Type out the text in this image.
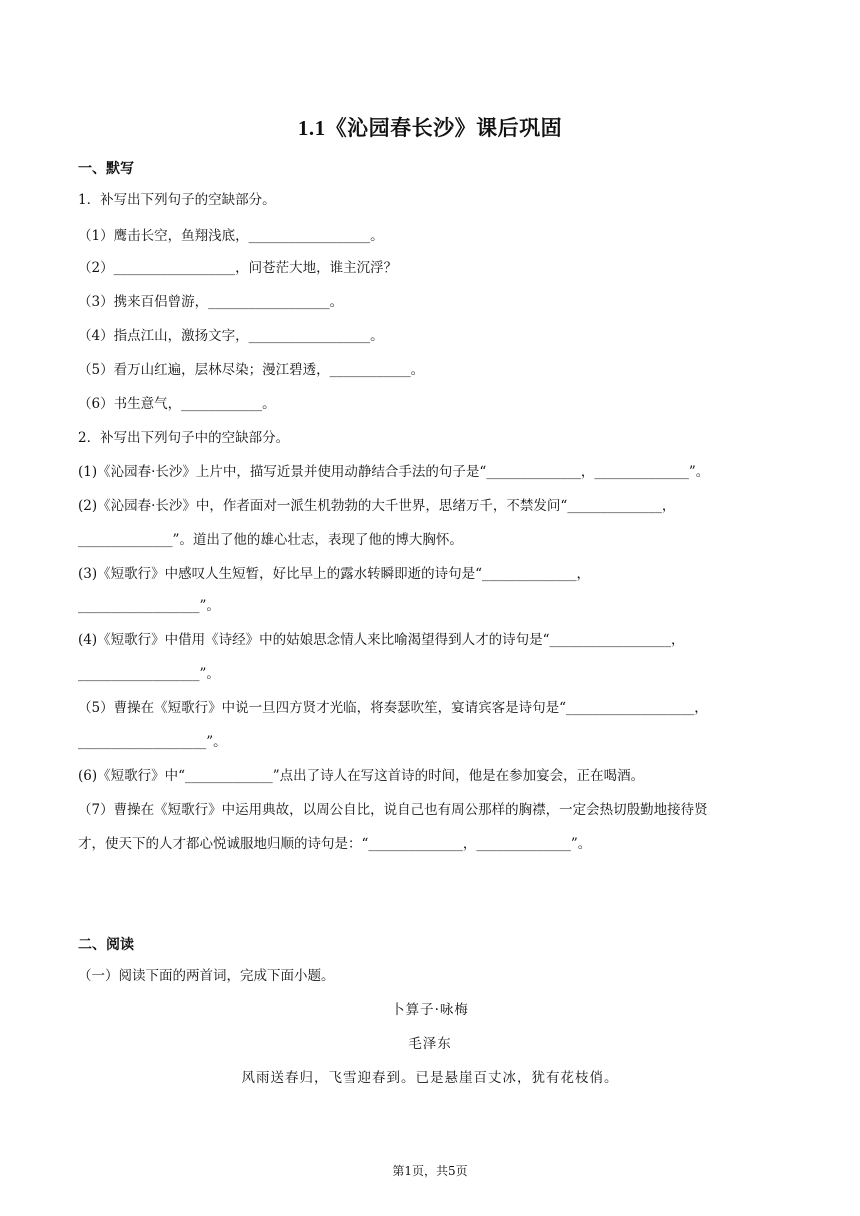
1.1《沁园春长沙》课后巩固
一、默写
1．补写出下列句子的空缺部分。
（1）鹰击长空，鱼翔浅底，__________________。
（2）__________________，问苍茫大地，谁主沉浮？
（3）携来百侣曾游，__________________。
（4）指点江山，激扬文字，__________________。
（5）看万山红遍，层林尽染；漫江碧透，____________。
（6）书生意气，____________。
2．补写出下列句子中的空缺部分。
(1)《沁园春·长沙》上片中，描写近景并使用动静结合手法的句子是“______________，______________”。
(2)《沁园春·长沙》中，作者面对一派生机勃勃的大千世界，思绪万千，不禁发问“______________，
______________”。道出了他的雄心壮志，表现了他的博大胸怀。
(3)《短歌行》中感叹人生短暂，好比早上的露水转瞬即逝的诗句是“______________，
__________________”。
(4)《短歌行》中借用《诗经》中的姑娘思念情人来比喻渴望得到人才的诗句是“__________________，
__________________”。
（5）曹操在《短歌行》中说一旦四方贤才光临，将奏瑟吹笙，宴请宾客是诗句是“___________________，
___________________”。
(6)《短歌行》中“_____________”点出了诗人在写这首诗的时间，他是在参加宴会，正在喝酒。
（7）曹操在《短歌行》中运用典故，以周公自比，说自己也有周公那样的胸襟，一定会热切殷勤地接待贤
才，使天下的人才都心悦诚服地归顺的诗句是：“______________，______________”。
二、阅读
（一）阅读下面的两首词，完成下面小题。
卜算子·咏梅
毛泽东
风雨送春归，飞雪迎春到。已是悬崖百丈冰，犹有花枝俏。
第1页，共5页
